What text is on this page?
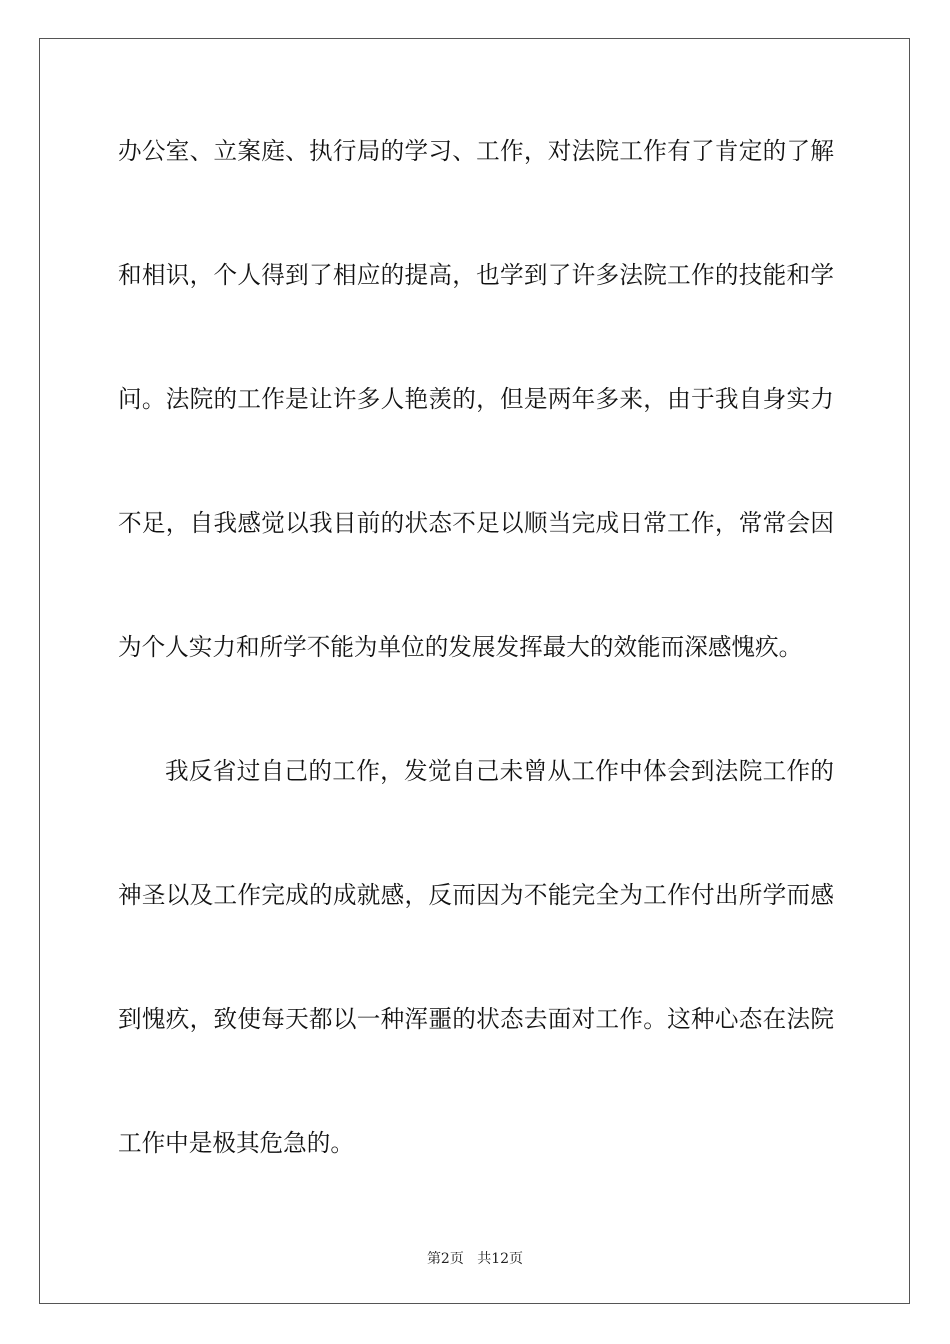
办公室、立案庭、执行局的学习、工作，对法院工作有了肯定的了解
和相识，个人得到了相应的提高，也学到了许多法院工作的技能和学
问。法院的工作是让许多人艳羡的，但是两年多来，由于我自身实力
不足，自我感觉以我目前的状态不足以顺当完成日常工作，常常会因
为个人实力和所学不能为单位的发展发挥最大的效能而深感愧疚。
我反省过自己的工作，发觉自己未曾从工作中体会到法院工作的
神圣以及工作完成的成就感，反而因为不能完全为工作付出所学而感
到愧疚，致使每天都以一种浑噩的状态去面对工作。这种心态在法院
工作中是极其危急的。
第2页 共12页
